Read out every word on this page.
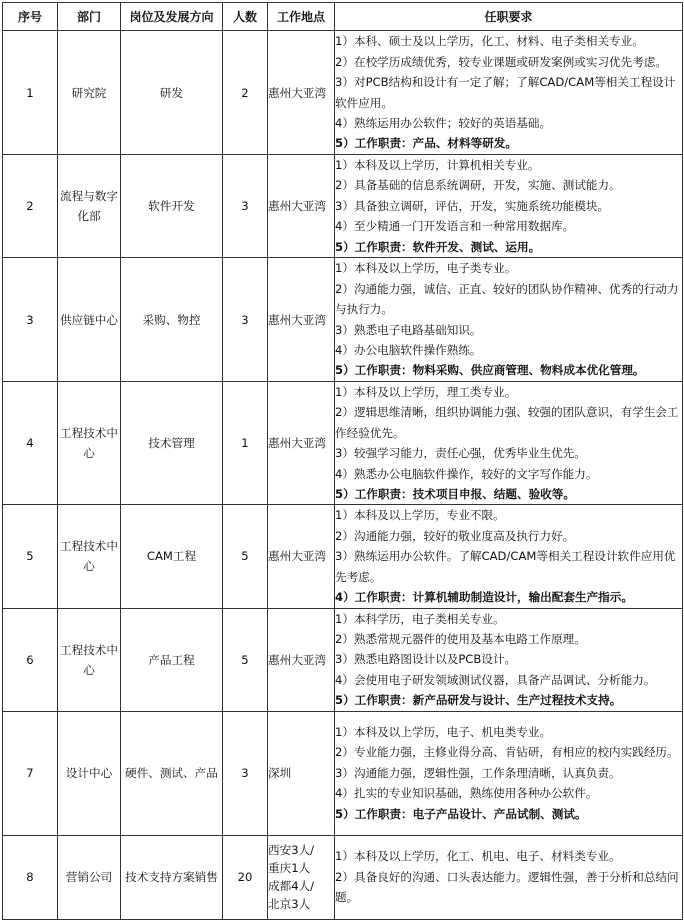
序号	部门	岗位及发展方向	人数	工作地点	任职要求
1	研究院	研发	2	惠州大亚湾	1）本科、硕士及以上学历，化工、材料、电子类相关专业。
2）在校学历成绩优秀，较专业课题或研发案例或实习优先考虑。
3）对PCB结构和设计有一定了解；了解CAD/CAM等相关工程设计软件应用。
4）熟练运用办公软件；较好的英语基础。
5）工作职责：产品、材料等研发。

2	流程与数字化部	软件开发	3	惠州大亚湾	1）本科及以上学历，计算机相关专业。
2）具备基础的信息系统调研，开发，实施、测试能力。
3）具备独立调研，评估，开发，实施系统功能模块。
4）至少精通一门开发语言和一种常用数据库。
5）工作职责：软件开发、测试、运用。

3	供应链中心	采购、物控	3	惠州大亚湾	1）本科及以上学历，电子类专业。
2）沟通能力强，诚信、正直、较好的团队协作精神、优秀的行动力与执行力。
3）熟悉电子电路基础知识。
4）办公电脑软件操作熟练。
5）工作职责：物料采购、供应商管理、物料成本优化管理。

4	工程技术中心	技术管理	1	惠州大亚湾	1）本科及以上学历，理工类专业。
2）逻辑思维清晰，组织协调能力强、较强的团队意识，有学生会工作经验优先。
3）较强学习能力，责任心强，优秀毕业生优先。
4）熟悉办公电脑软件操作，较好的文字写作能力。
5）工作职责：技术项目申报、结题、验收等。

5	工程技术中心	CAM工程	5	惠州大亚湾	1）本科及以上学历，专业不限。
2）沟通能力强，较好的敬业度高及执行力好。
3）熟练运用办公软件。了解CAD/CAM等相关工程设计软件应用优先考虑。
4）工作职责：计算机辅助制造设计，输出配套生产指示。

6	工程技术中心	产品工程	5	惠州大亚湾	1）本科学历，电子类相关专业。
2）熟悉常规元器件的使用及基本电路工作原理。
3）熟悉电路图设计以及PCB设计。
4）会使用电子研发领域测试仪器，具备产品调试、分析能力。
5）工作职责：新产品研发与设计、生产过程技术支持。

7	设计中心	硬件、测试、产品	3	深圳	1）本科及以上学历，电子、机电类专业。
2）专业能力强，主修业得分高、肯钻研，有相应的校内实践经历。
3）沟通能力强，逻辑性强，工作条理清晰，认真负责。
4）扎实的专业知识基础，熟练使用各种办公软件。
5）工作职责：电子产品设计、产品试制、测试。

8	营销公司	技术支持方案销售	20	西安3人/
重庆1人
成都4人/
北京3人	1）本科及以上学历，化工、机电、电子、材料类专业。
2）具备良好的沟通、口头表达能力。逻辑性强，善于分析和总结问题。
